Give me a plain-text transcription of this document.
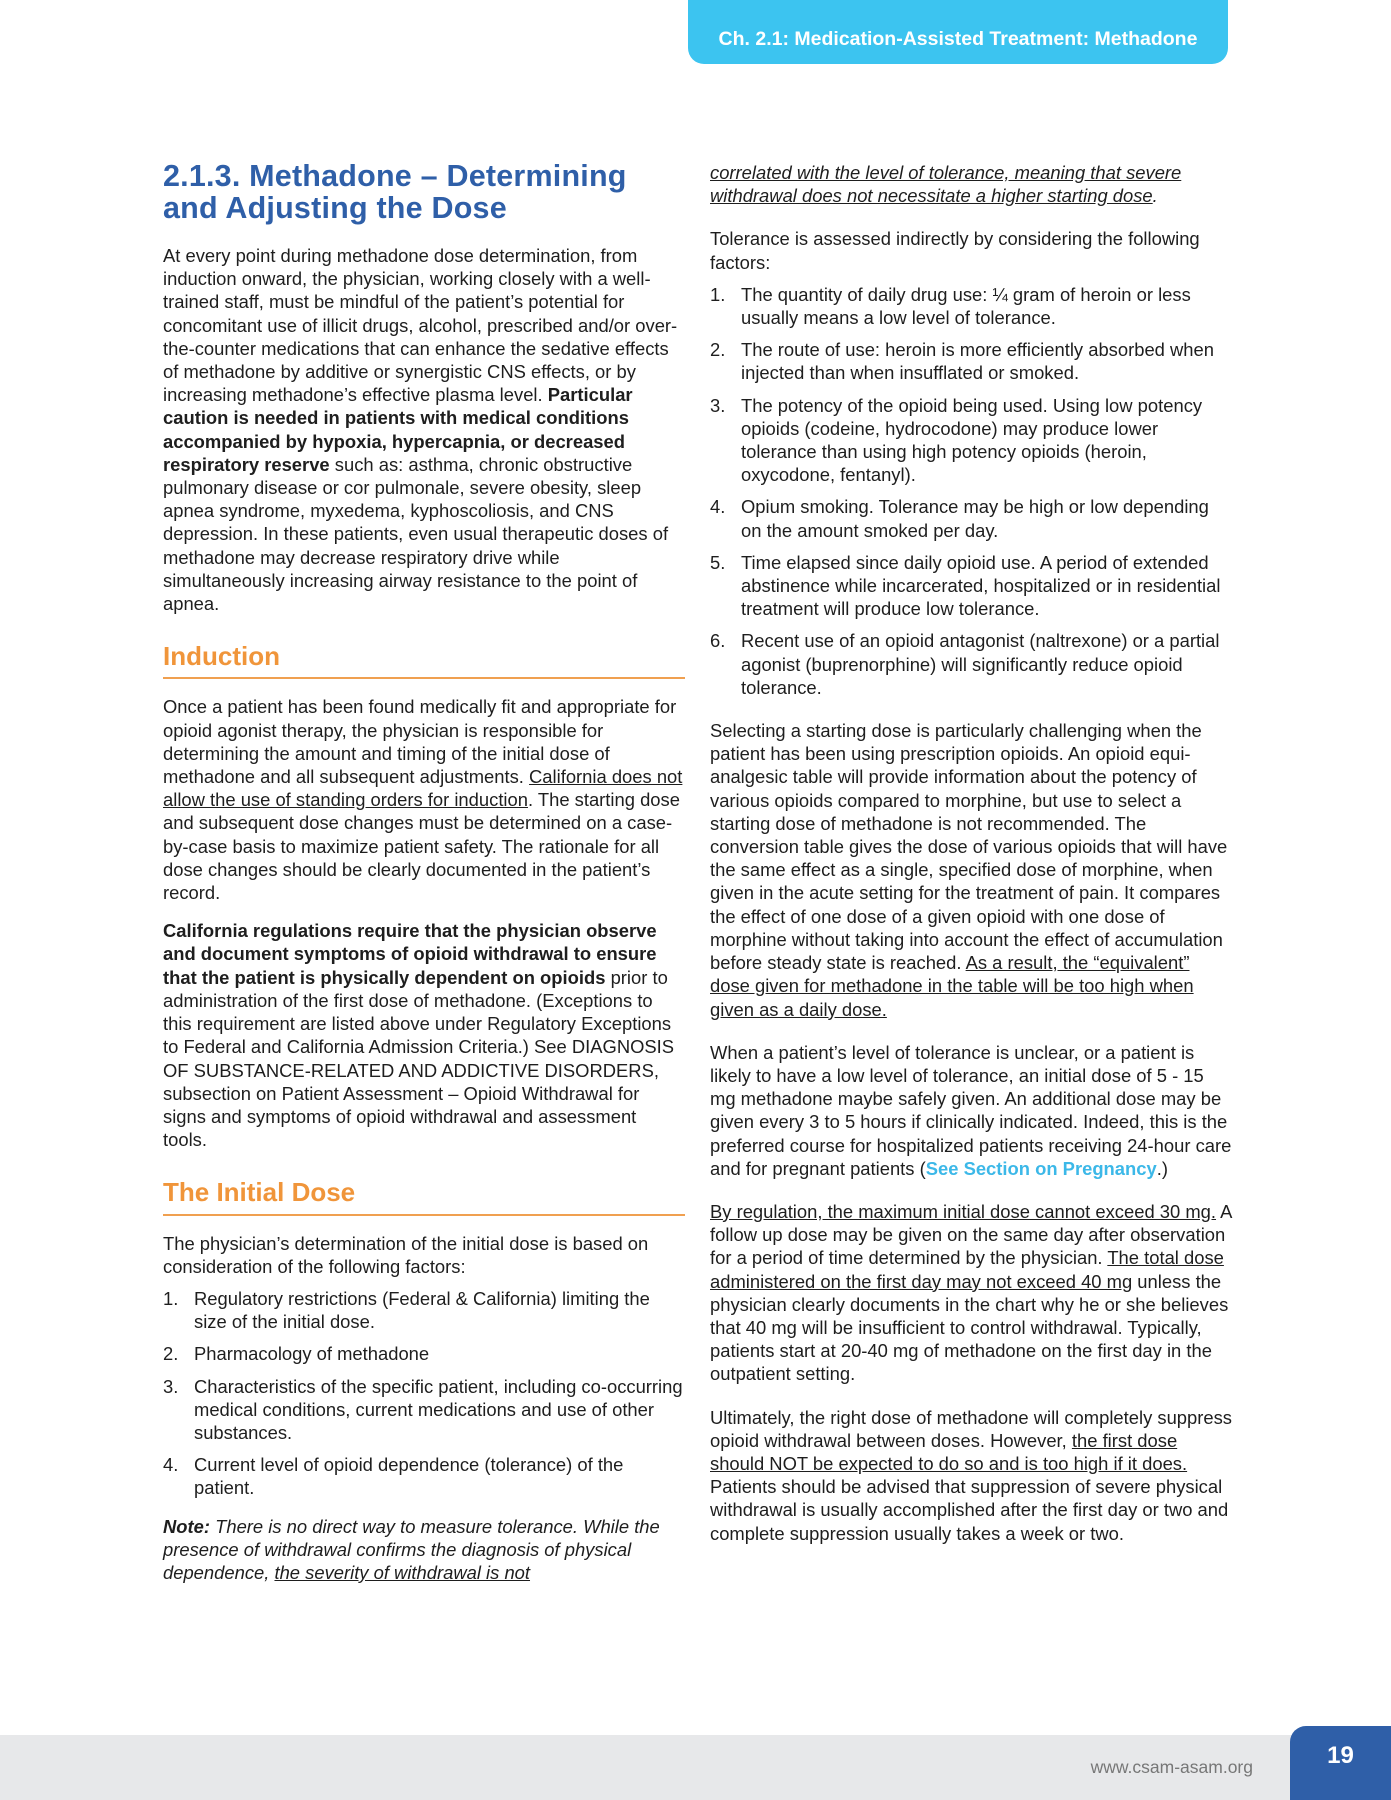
Ch. 2.1: Medication-Assisted Treatment: Methadone
2.1.3. Methadone – Determining and Adjusting the Dose

At every point during methadone dose determination, from induction onward, the physician, working closely with a well-trained staff, must be mindful of the patient’s potential for concomitant use of illicit drugs, alcohol, prescribed and/or over-the-counter medications that can enhance the sedative effects of methadone by additive or synergistic CNS effects, or by increasing methadone’s effective plasma level. Particular caution is needed in patients with medical conditions accompanied by hypoxia, hypercapnia, or decreased respiratory reserve such as: asthma, chronic obstructive pulmonary disease or cor pulmonale, severe obesity, sleep apnea syndrome, myxedema, kyphoscoliosis, and CNS depression. In these patients, even usual therapeutic doses of methadone may decrease respiratory drive while simultaneously increasing airway resistance to the point of apnea.

Induction

Once a patient has been found medically fit and appropriate for opioid agonist therapy, the physician is responsible for determining the amount and timing of the initial dose of methadone and all subsequent adjustments. California does not allow the use of standing orders for induction. The starting dose and subsequent dose changes must be determined on a case-by-case basis to maximize patient safety. The rationale for all dose changes should be clearly documented in the patient’s record.

California regulations require that the physician observe and document symptoms of opioid withdrawal to ensure that the patient is physically dependent on opioids prior to administration of the first dose of methadone. (Exceptions to this requirement are listed above under Regulatory Exceptions to Federal and California Admission Criteria.) See DIAGNOSIS OF SUBSTANCE-RELATED AND ADDICTIVE DISORDERS, subsection on Patient Assessment – Opioid Withdrawal for signs and symptoms of opioid withdrawal and assessment tools.

The Initial Dose

The physician’s determination of the initial dose is based on consideration of the following factors:

1. Regulatory restrictions (Federal & California) limiting the size of the initial dose.
2. Pharmacology of methadone
3. Characteristics of the specific patient, including co-occurring medical conditions, current medications and use of other substances.
4. Current level of opioid dependence (tolerance) of the patient.

Note: There is no direct way to measure tolerance. While the presence of withdrawal confirms the diagnosis of physical dependence, the severity of withdrawal is not

correlated with the level of tolerance, meaning that severe withdrawal does not necessitate a higher starting dose.

Tolerance is assessed indirectly by considering the following factors:

1. The quantity of daily drug use: ¼ gram of heroin or less usually means a low level of tolerance.
2. The route of use: heroin is more efficiently absorbed when injected than when insufflated or smoked.
3. The potency of the opioid being used. Using low potency opioids (codeine, hydrocodone) may produce lower tolerance than using high potency opioids (heroin, oxycodone, fentanyl).
4. Opium smoking. Tolerance may be high or low depending on the amount smoked per day.
5. Time elapsed since daily opioid use. A period of extended abstinence while incarcerated, hospitalized or in residential treatment will produce low tolerance.
6. Recent use of an opioid antagonist (naltrexone) or a partial agonist (buprenorphine) will significantly reduce opioid tolerance.

Selecting a starting dose is particularly challenging when the patient has been using prescription opioids. An opioid equi-analgesic table will provide information about the potency of various opioids compared to morphine, but use to select a starting dose of methadone is not recommended. The conversion table gives the dose of various opioids that will have the same effect as a single, specified dose of morphine, when given in the acute setting for the treatment of pain. It compares the effect of one dose of a given opioid with one dose of morphine without taking into account the effect of accumulation before steady state is reached. As a result, the “equivalent” dose given for methadone in the table will be too high when given as a daily dose.

When a patient’s level of tolerance is unclear, or a patient is likely to have a low level of tolerance, an initial dose of 5 - 15 mg methadone maybe safely given. An additional dose may be given every 3 to 5 hours if clinically indicated. Indeed, this is the preferred course for hospitalized patients receiving 24-hour care and for pregnant patients (See Section on Pregnancy.)

By regulation, the maximum initial dose cannot exceed 30 mg. A follow up dose may be given on the same day after observation for a period of time determined by the physician. The total dose administered on the first day may not exceed 40 mg unless the physician clearly documents in the chart why he or she believes that 40 mg will be insufficient to control withdrawal. Typically, patients start at 20-40 mg of methadone on the first day in the outpatient setting.

Ultimately, the right dose of methadone will completely suppress opioid withdrawal between doses. However, the first dose should NOT be expected to do so and is too high if it does. Patients should be advised that suppression of severe physical withdrawal is usually accomplished after the first day or two and complete suppression usually takes a week or two.

www.csam-asam.org	19
